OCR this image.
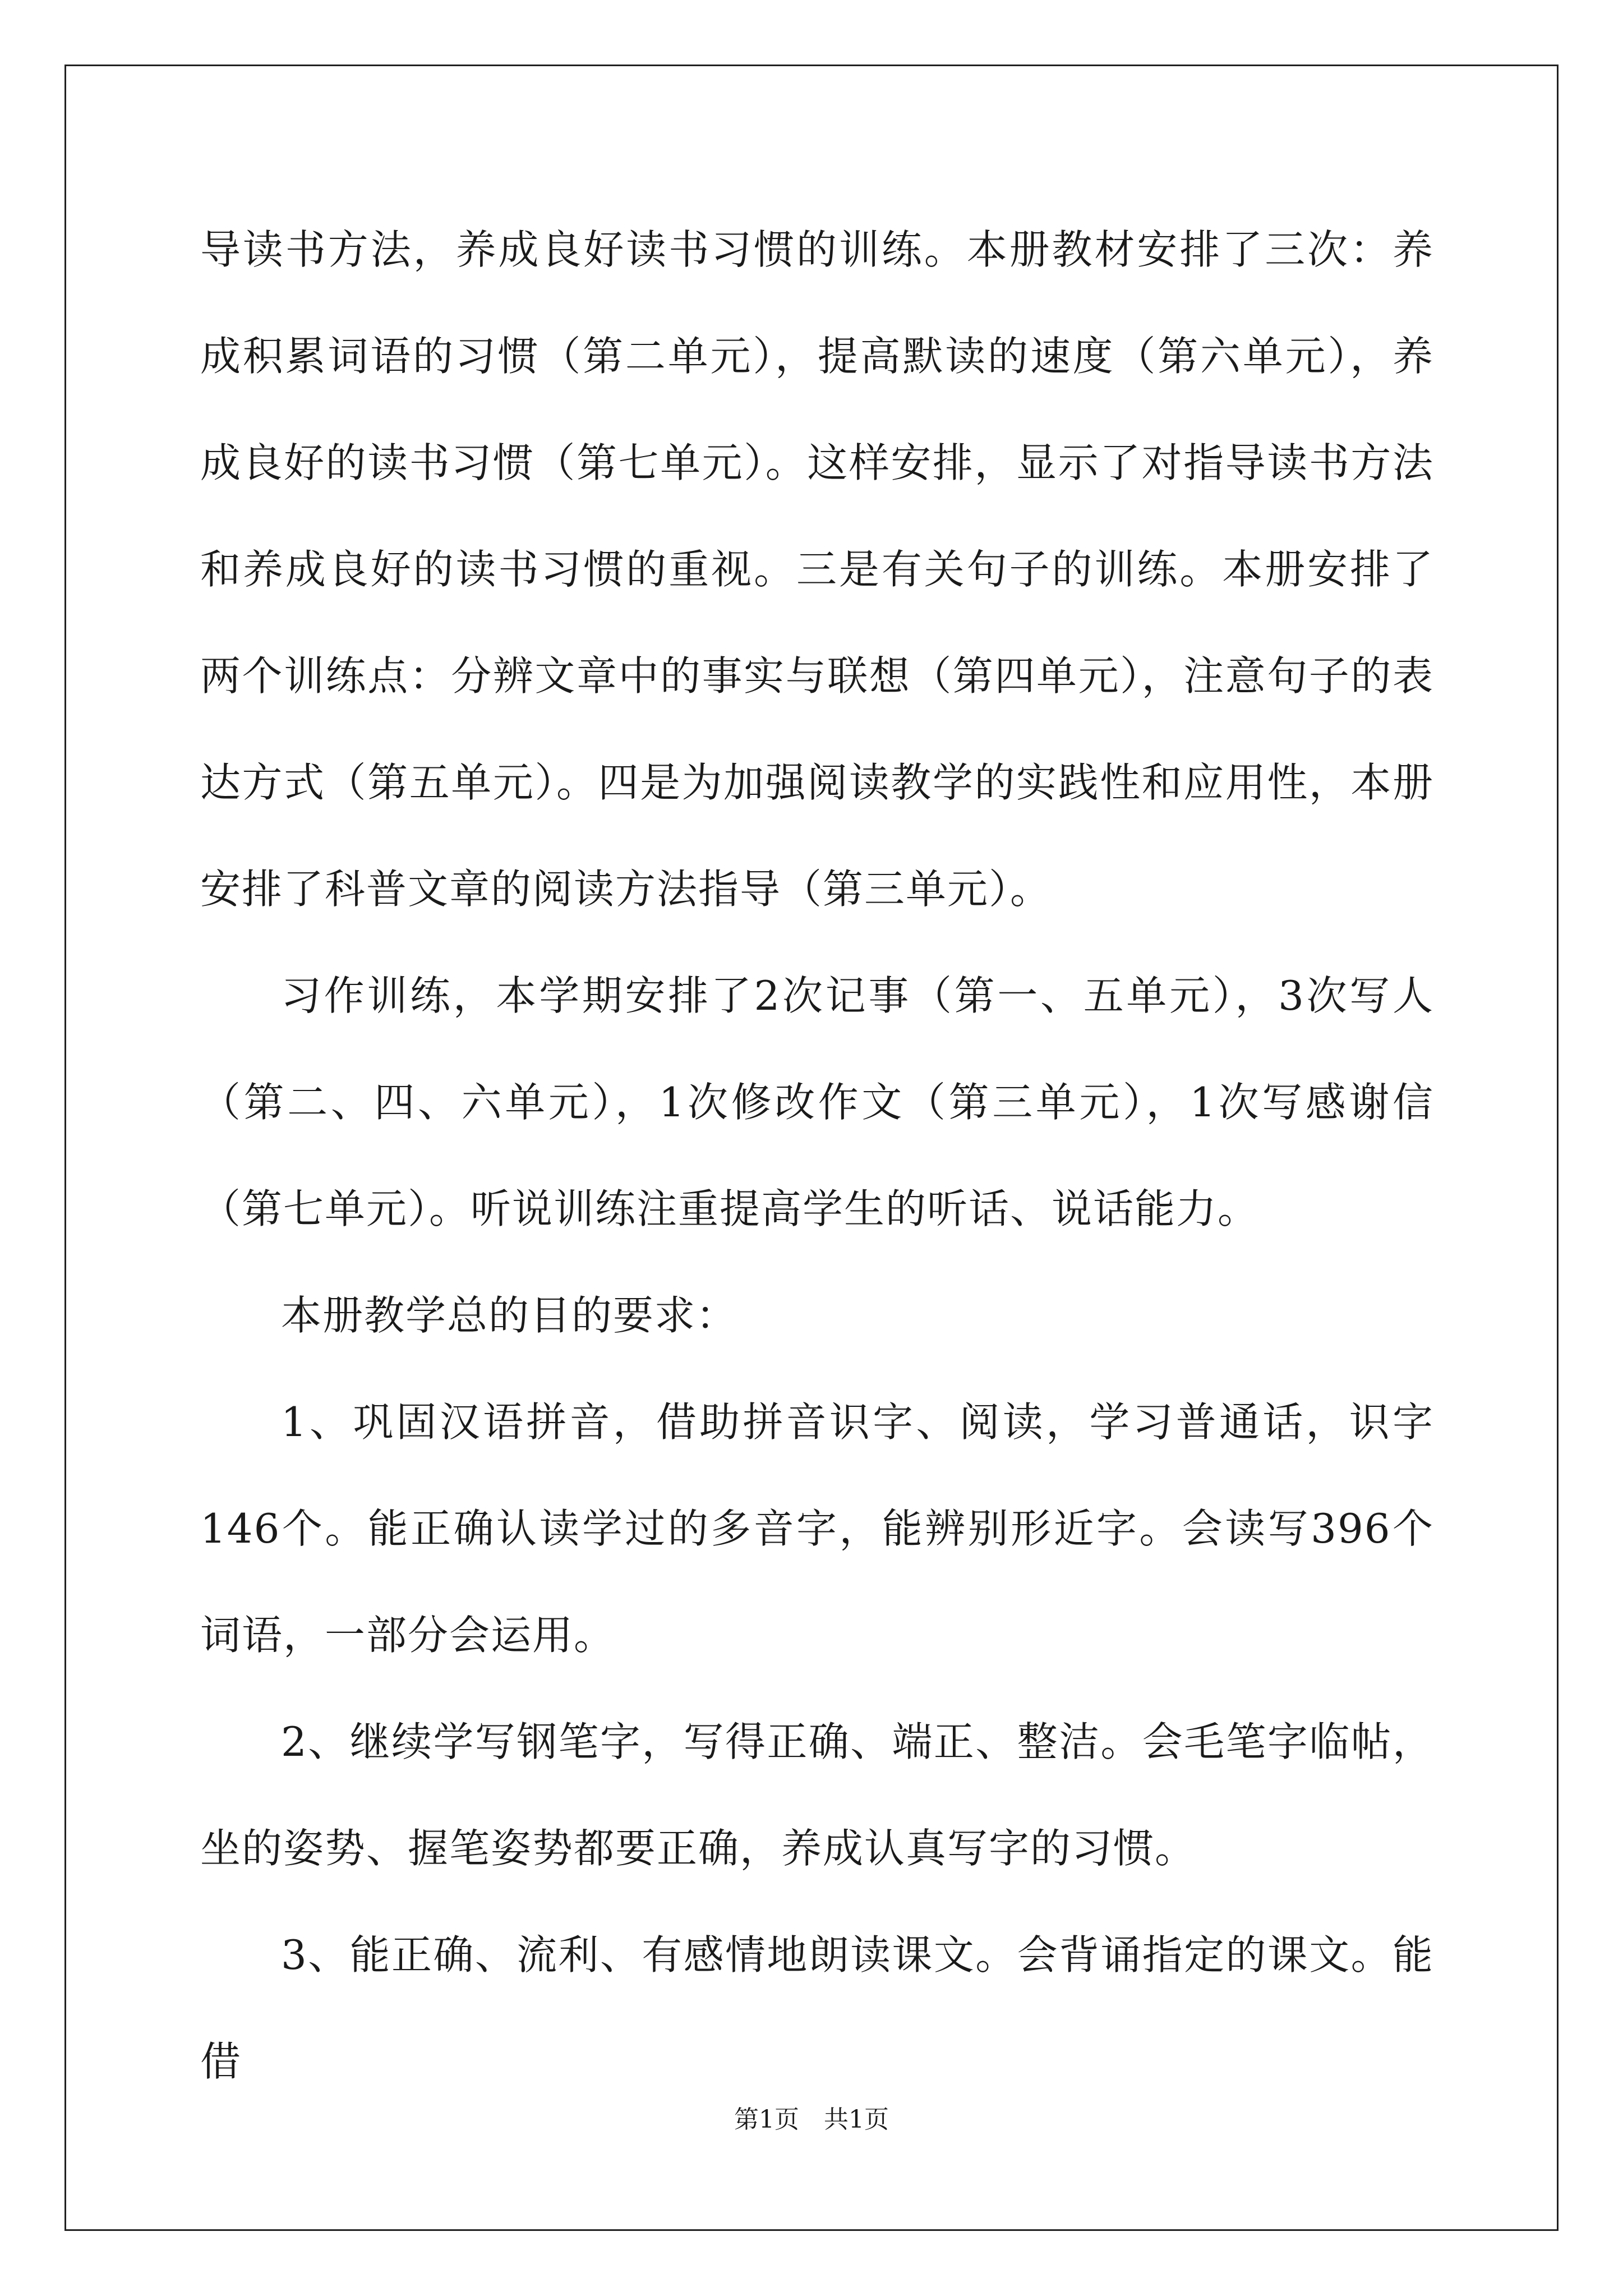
导读书方法，养成良好读书习惯的训练。本册教材安排了三次：养成积累词语的习惯（第二单元），提高默读的速度（第六单元），养成良好的读书习惯（第七单元）。这样安排，显示了对指导读书方法和养成良好的读书习惯的重视。三是有关句子的训练。本册安排了两个训练点：分辨文章中的事实与联想（第四单元），注意句子的表达方式（第五单元）。四是为加强阅读教学的实践性和应用性，本册安排了科普文章的阅读方法指导（第三单元）。

习作训练，本学期安排了2次记事（第一、五单元），3次写人（第二、四、六单元），1次修改作文（第三单元），1次写感谢信（第七单元）。听说训练注重提高学生的听话、说话能力。

本册教学总的目的要求：

1、巩固汉语拼音，借助拼音识字、阅读，学习普通话，识字146个。能正确认读学过的多音字，能辨别形近字。会读写396个词语，一部分会运用。

2、继续学写钢笔字，写得正确、端正、整洁。会毛笔字临帖，坐的姿势、握笔姿势都要正确，养成认真写字的习惯。

3、能正确、流利、有感情地朗读课文。会背诵指定的课文。能借

第1页　共1页
